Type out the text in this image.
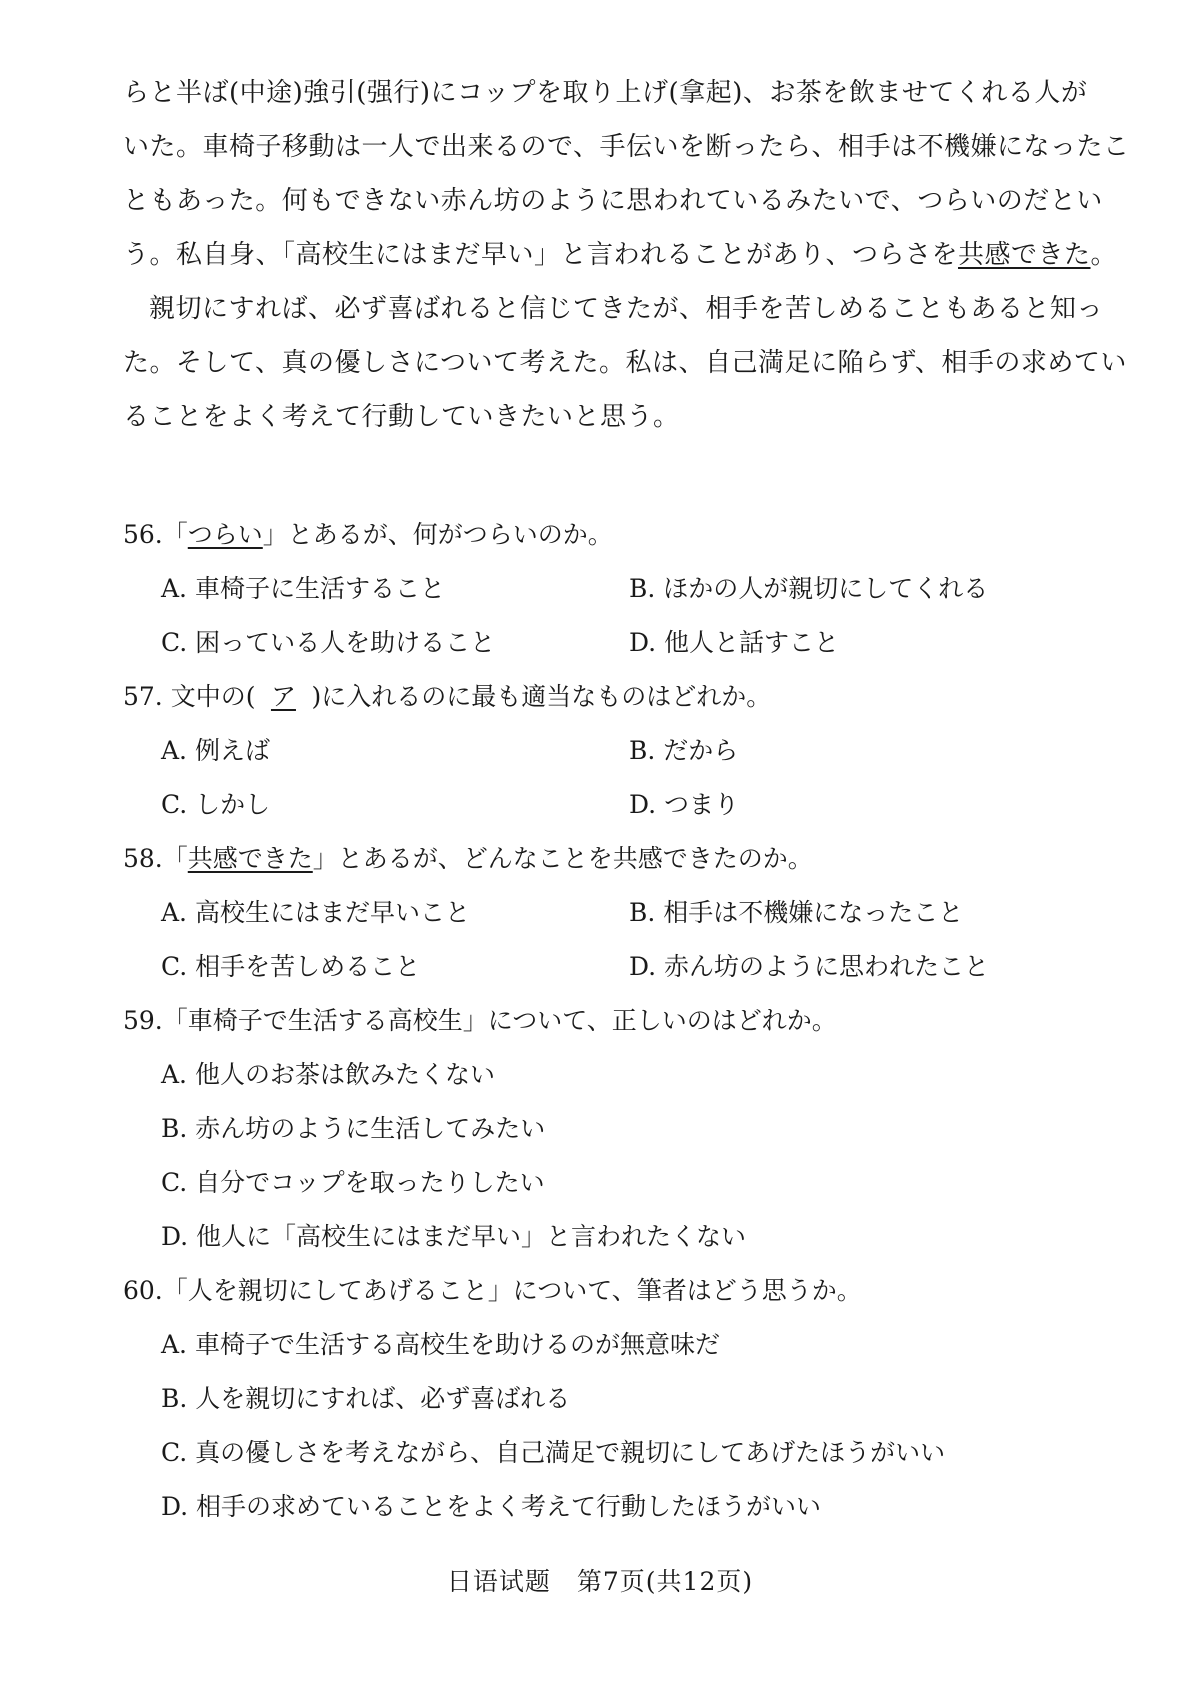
らと半ば(中途)強引(强行)にコップを取り上げ(拿起)、お茶を飲ませてくれる人が
いた。車椅子移動は一人で出来るので、手伝いを断ったら、相手は不機嫌になったこ
ともあった。何もできない赤ん坊のように思われているみたいで、つらいのだとい
う。私自身、「高校生にはまだ早い」と言われることがあり、つらさを共感できた。
親切にすれば、必ず喜ばれると信じてきたが、相手を苦しめることもあると知っ
た。そして、真の優しさについて考えた。私は、自己満足に陥らず、相手の求めてい
ることをよく考えて行動していきたいと思う。
56.「つらい」とあるが、何がつらいのか。
A. 車椅子に生活すること	B. ほかの人が親切にしてくれる
C. 困っている人を助けること	D. 他人と話すこと
57. 文中の( ア )に入れるのに最も適当なものはどれか。
A. 例えば	B. だから
C. しかし	D. つまり
58.「共感できた」とあるが、どんなことを共感できたのか。
A. 高校生にはまだ早いこと	B. 相手は不機嫌になったこと
C. 相手を苦しめること	D. 赤ん坊のように思われたこと
59.「車椅子で生活する高校生」について、正しいのはどれか。
A. 他人のお茶は飲みたくない
B. 赤ん坊のように生活してみたい
C. 自分でコップを取ったりしたい
D. 他人に「高校生にはまだ早い」と言われたくない
60.「人を親切にしてあげること」について、筆者はどう思うか。
A. 車椅子で生活する高校生を助けるのが無意味だ
B. 人を親切にすれば、必ず喜ばれる
C. 真の優しさを考えながら、自己満足で親切にしてあげたほうがいい
D. 相手の求めていることをよく考えて行動したほうがいい
日语试题　第7页(共12页)
